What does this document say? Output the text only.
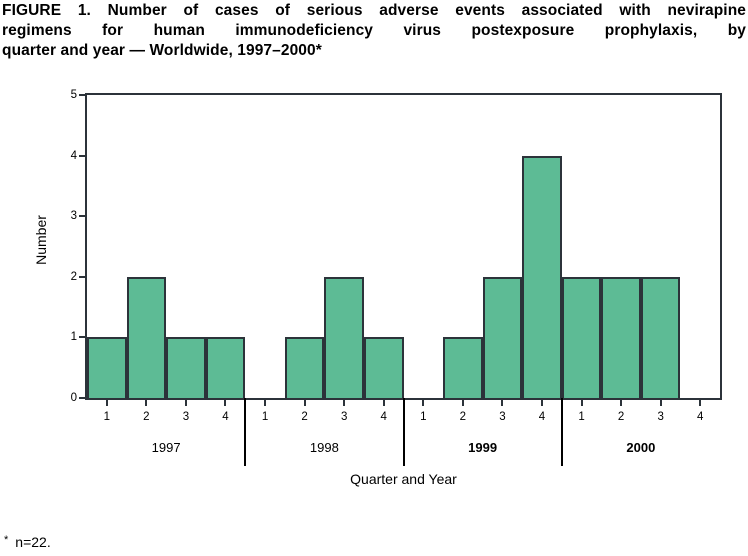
FIGURE 1. Number of cases of serious adverse events associated with nevirapine
regimens for human immunodeficiency virus postexposure prophylaxis, by
quarter and year — Worldwide, 1997–2000*
Number
Quarter and Year
* n=22.
0
1
2
3
4
5
1	2	3	4
1997
1	2	3	4
1998
1	2	3	4
1999
1	2	3	4
2000
